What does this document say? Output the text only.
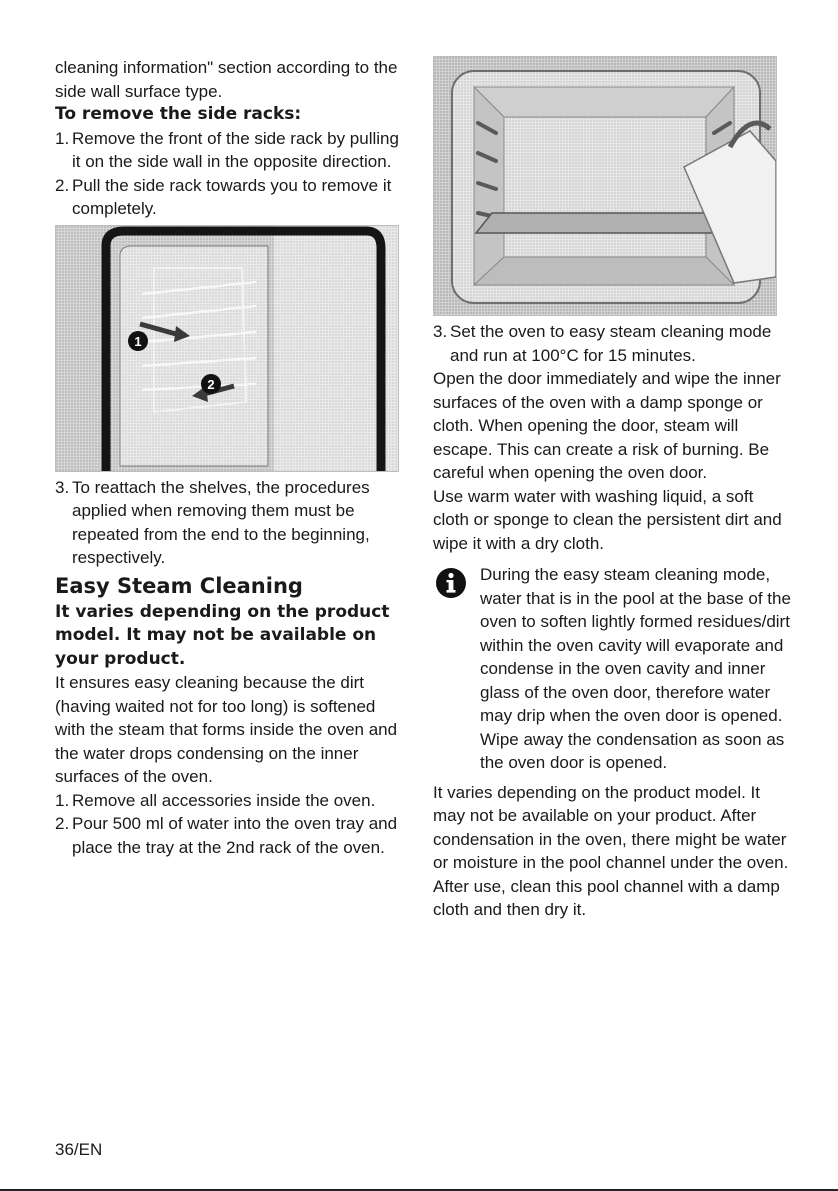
cleaning information" section according to the side wall surface type.

To remove the side racks:

1. Remove the front of the side rack by pulling it on the side wall in the opposite direction.
2. Pull the side rack towards you to remove it completely.
1
2
3. To reattach the shelves, the procedures applied when removing them must be repeated from the end to the beginning, respectively.
Easy Steam Cleaning

It varies depending on the product model. It may not be available on your product.

It ensures easy cleaning because the dirt (having waited not for too long) is softened with the steam that forms inside the oven and the water drops condensing on the inner surfaces of the oven.

1. Remove all accessories inside the oven.
2. Pour 500 ml of water into the oven tray and place the tray at the 2nd rack of the oven.
3. Set the oven to easy steam cleaning mode and run at 100°C for 15 minutes.

Open the door immediately and wipe the inner surfaces of the oven with a damp sponge or cloth. When opening the door, steam will escape. This can create a risk of burning. Be careful when opening the oven door.

Use warm water with washing liquid, a soft cloth or sponge to clean the persistent dirt and wipe it with a dry cloth.

During the easy steam cleaning mode, water that is in the pool at the base of the oven to soften lightly formed residues/dirt within the oven cavity will evaporate and condense in the oven cavity and inner glass of the oven door, therefore water may drip when the oven door is opened. Wipe away the condensation as soon as the oven door is opened.

It varies depending on the product model. It may not be available on your product. After condensation in the oven, there might be water or moisture in the pool channel under the oven. After use, clean this pool channel with a damp cloth and then dry it.

36/EN
